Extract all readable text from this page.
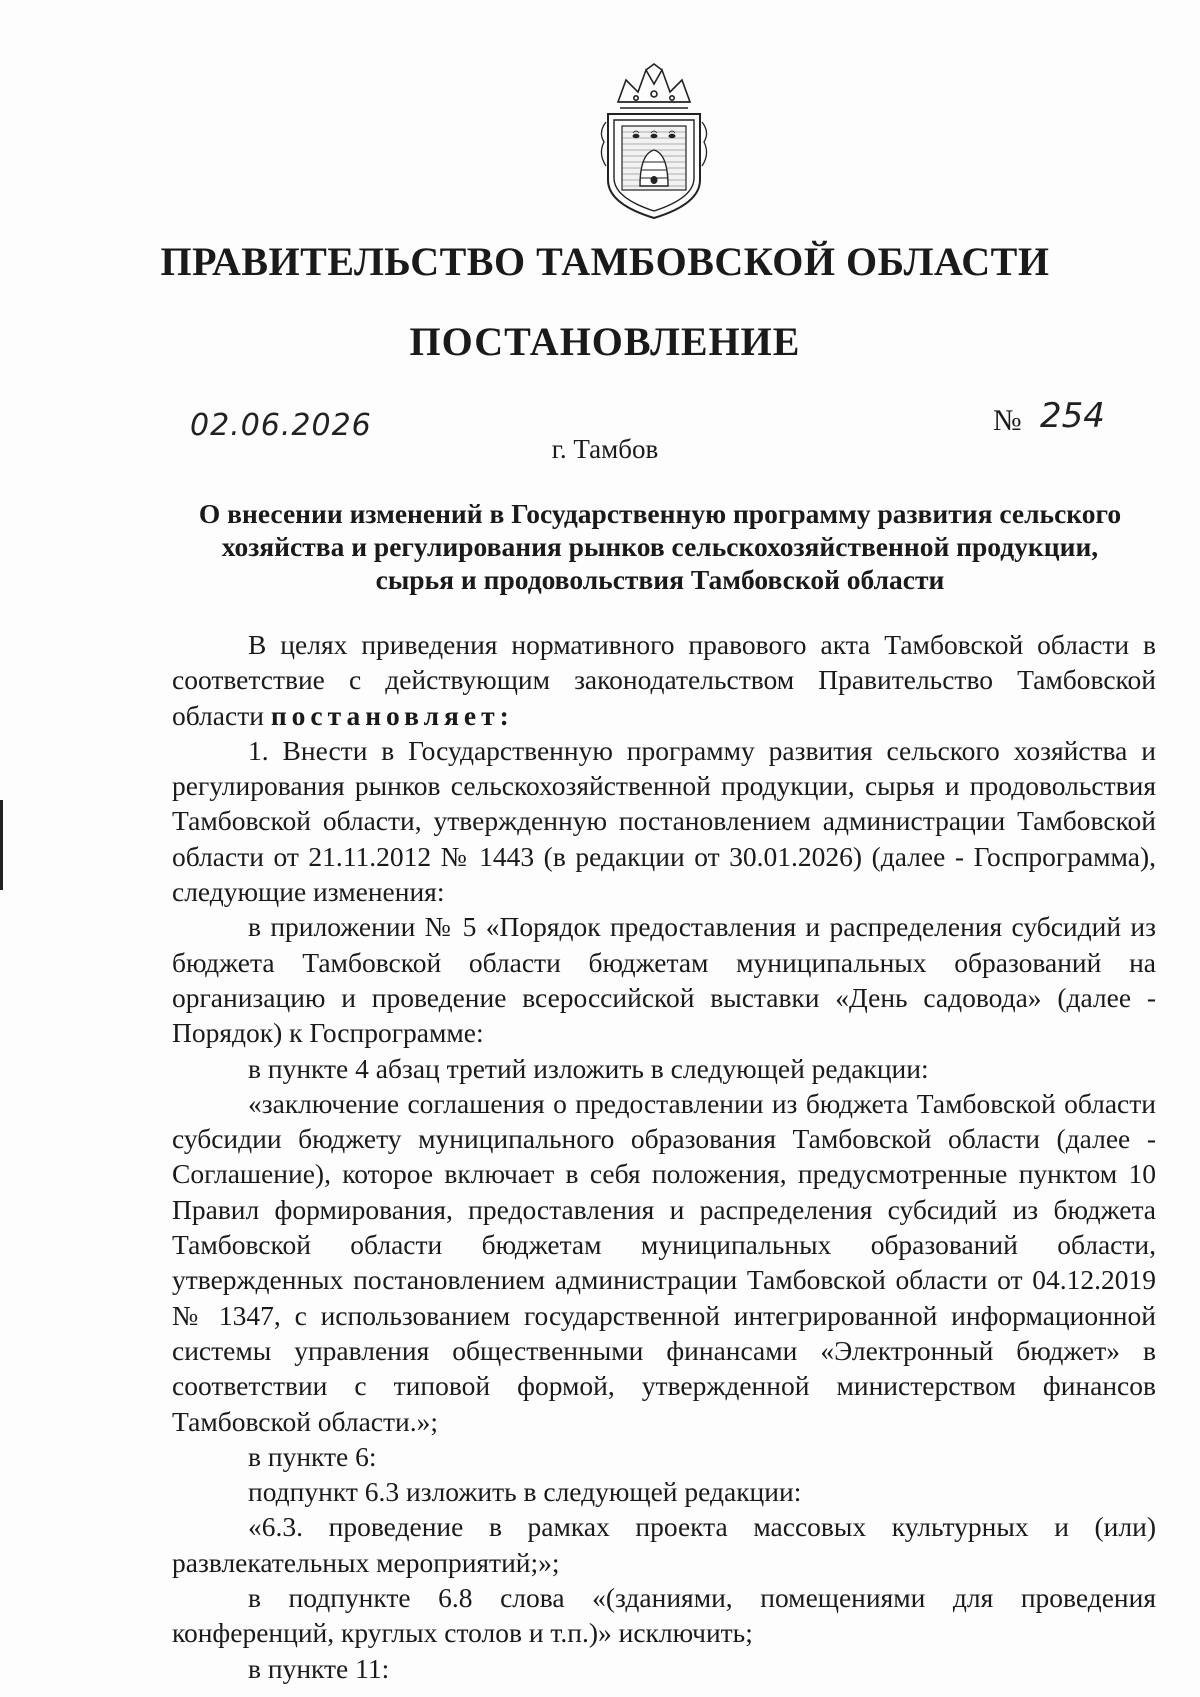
ПРАВИТЕЛЬСТВО ТАМБОВСКОЙ ОБЛАСТИ
ПОСТАНОВЛЕНИЕ
02.06.2026	№ 254
г. Тамбов
О внесении изменений в Государственную программу развития сельского
хозяйства и регулирования рынков сельскохозяйственной продукции,
сырья и продовольствия Тамбовской области

В целях приведения нормативного правового акта Тамбовской области в соответствие с действующим законодательством Правительство Тамбовской области постановляет:

1. Внести в Государственную программу развития сельского хозяйства и регулирования рынков сельскохозяйственной продукции, сырья и продовольствия Тамбовской области, утвержденную постановлением администрации Тамбовской области от 21.11.2012 № 1443 (в редакции от 30.01.2026) (далее - Госпрограмма), следующие изменения:

в приложении № 5 «Порядок предоставления и распределения субсидий из бюджета Тамбовской области бюджетам муниципальных образований на организацию и проведение всероссийской выставки «День садовода» (далее - Порядок) к Госпрограмме:

в пункте 4 абзац третий изложить в следующей редакции:

«заключение соглашения о предоставлении из бюджета Тамбовской области субсидии бюджету муниципального образования Тамбовской области (далее - Соглашение), которое включает в себя положения, предусмотренные пунктом 10 Правил формирования, предоставления и распределения субсидий из бюджета Тамбовской области бюджетам муниципальных образований области, утвержденных постановлением администрации Тамбовской области от 04.12.2019 № 1347, с использованием государственной интегрированной информационной системы управления общественными финансами «Электронный бюджет» в соответствии с типовой формой, утвержденной министерством финансов Тамбовской области.»;

в пункте 6:

подпункт 6.3 изложить в следующей редакции:

«6.3. проведение в рамках проекта массовых культурных и (или) развлекательных мероприятий;»;

в подпункте 6.8 слова «(зданиями, помещениями для проведения конференций, круглых столов и т.п.)» исключить;

в пункте 11:
